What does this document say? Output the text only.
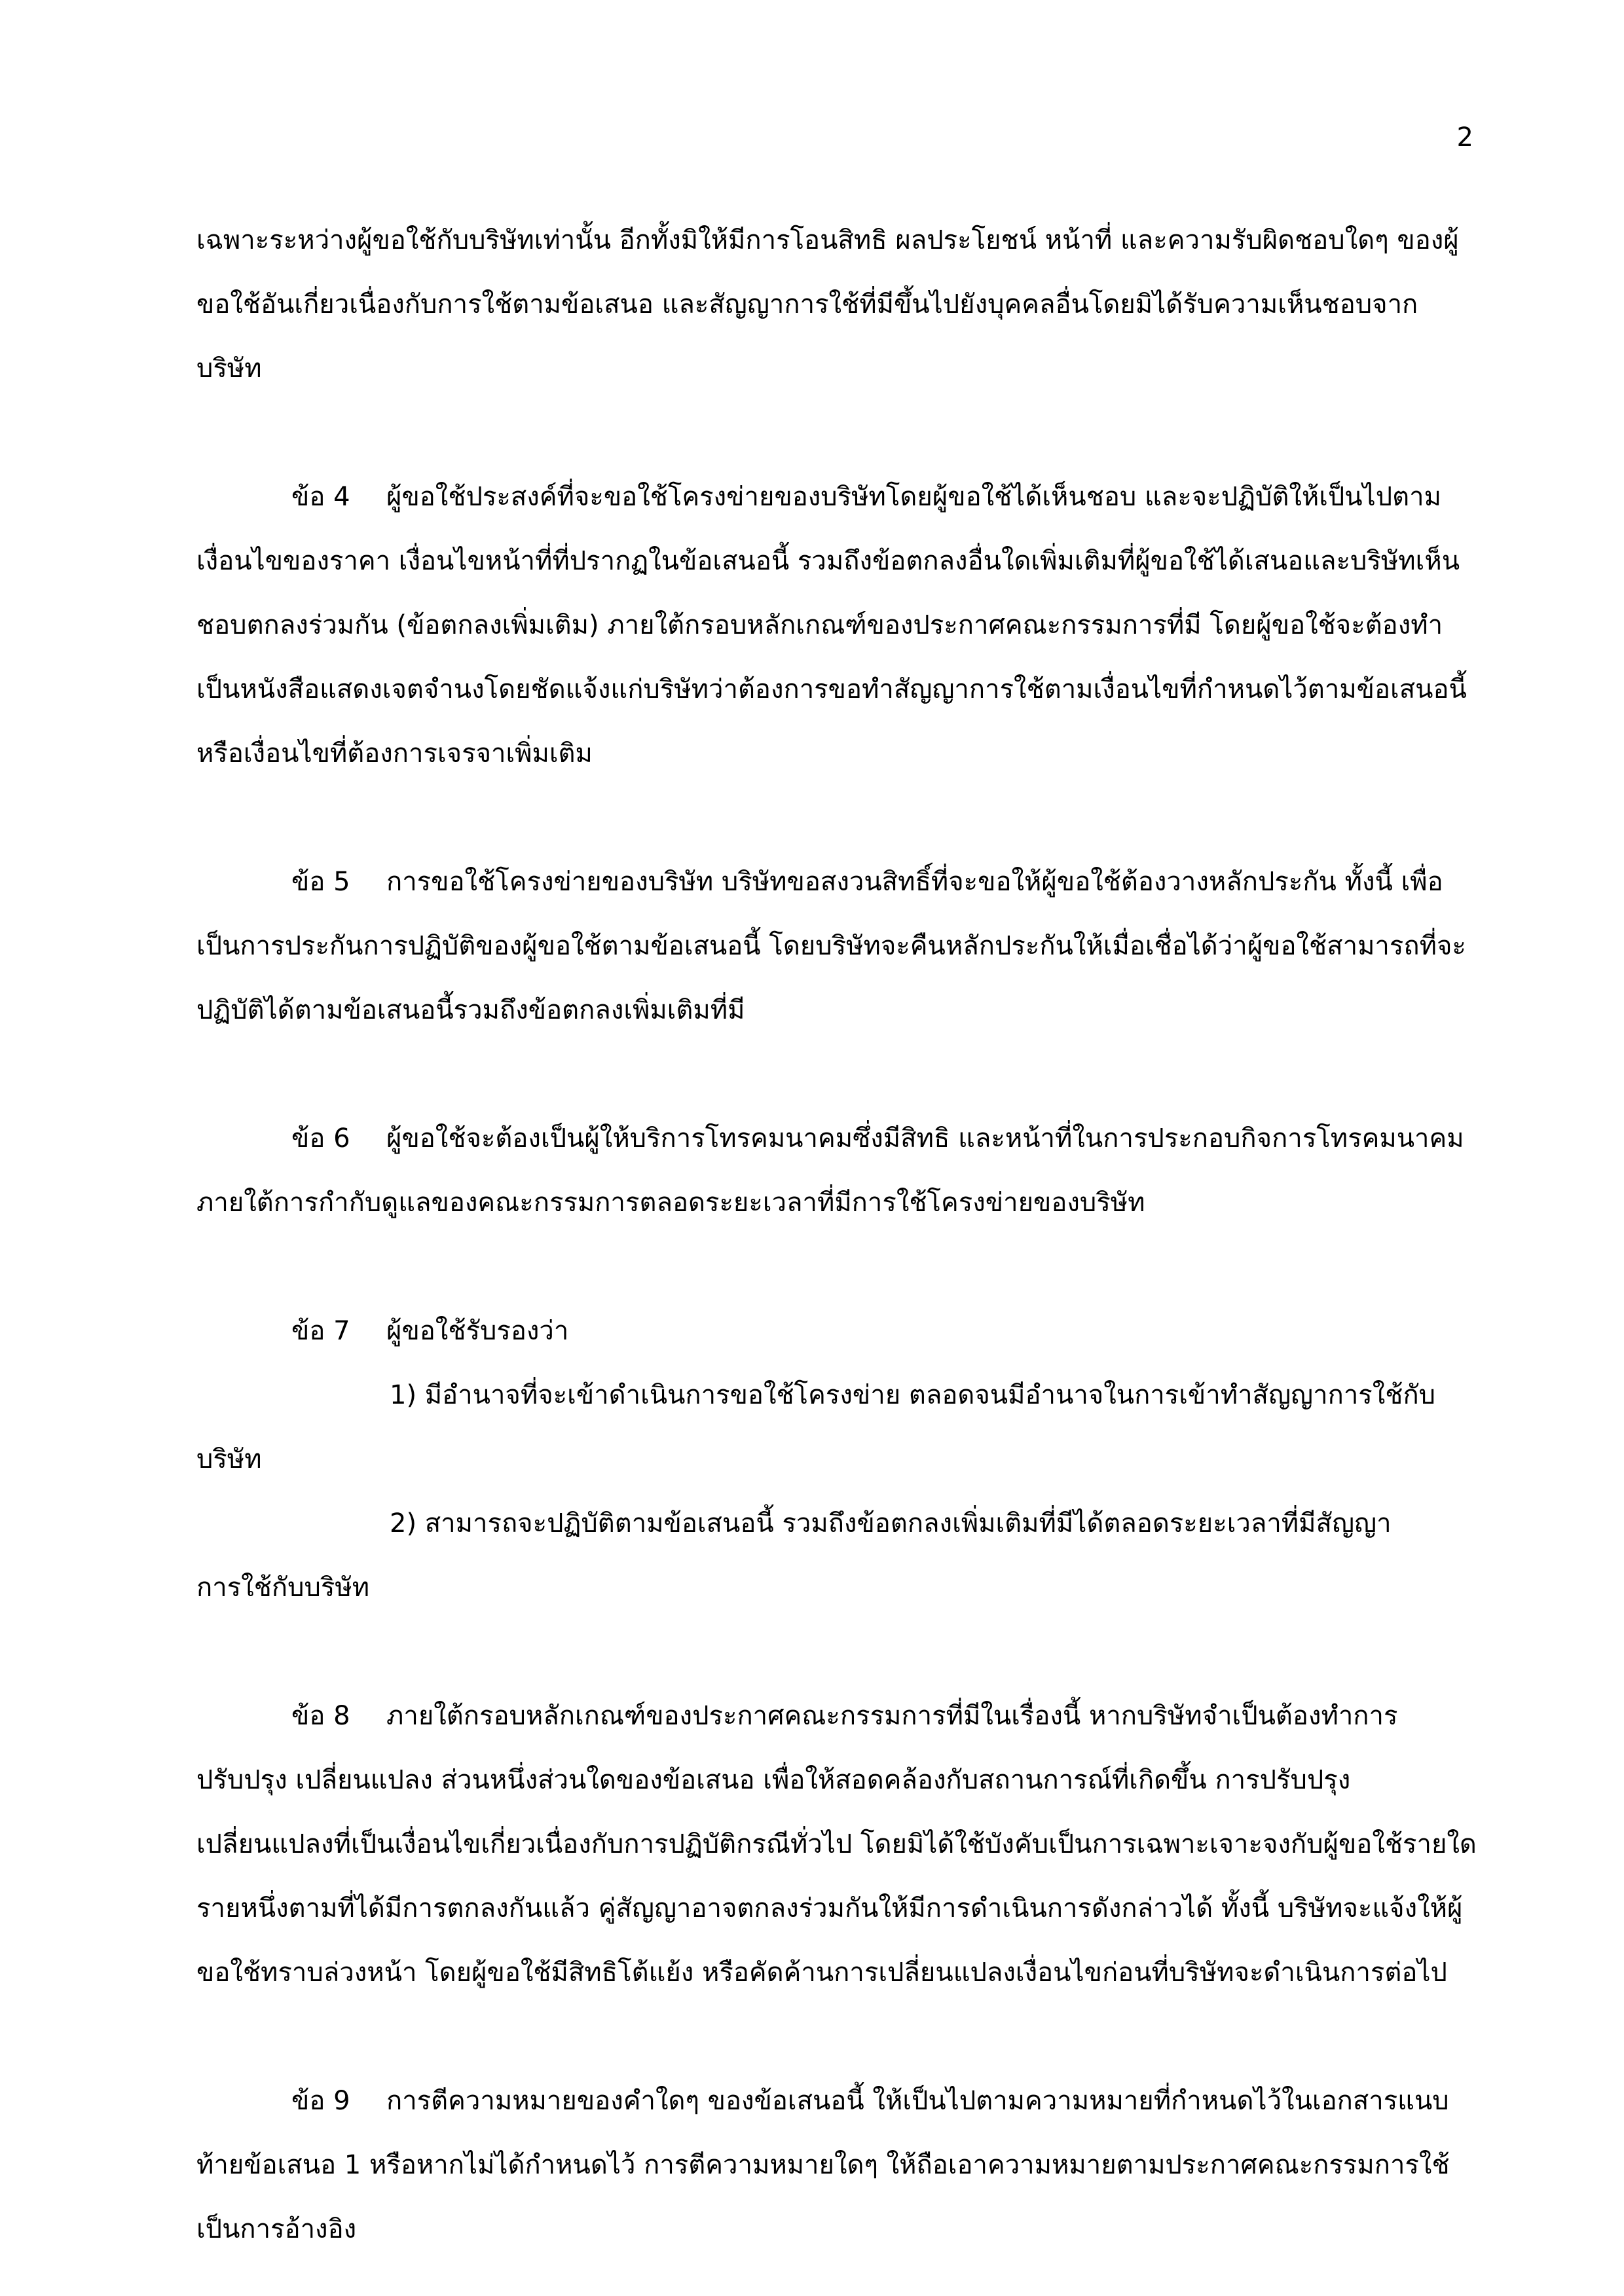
2

เฉพาะระหว่างผู้ขอใช้กับบริษัทเท่านั้น อีกทั้งมิให้มีการโอนสิทธิ ผลประโยชน์ หน้าที่ และความรับผิดชอบใดๆ ของผู้ขอใช้อันเกี่ยวเนื่องกับการใช้ตามข้อเสนอ และสัญญาการใช้ที่มีขึ้นไปยังบุคคลอื่นโดยมิได้รับความเห็นชอบจากบริษัท

ข้อ 4 ผู้ขอใช้ประสงค์ที่จะขอใช้โครงข่ายของบริษัทโดยผู้ขอใช้ได้เห็นชอบ และจะปฏิบัติให้เป็นไปตามเงื่อนไขของราคา เงื่อนไขหน้าที่ที่ปรากฏในข้อเสนอนี้ รวมถึงข้อตกลงอื่นใดเพิ่มเติมที่ผู้ขอใช้ได้เสนอและบริษัทเห็นชอบตกลงร่วมกัน (ข้อตกลงเพิ่มเติม) ภายใต้กรอบหลักเกณฑ์ของประกาศคณะกรรมการที่มี โดยผู้ขอใช้จะต้องทำเป็นหนังสือแสดงเจตจำนงโดยชัดแจ้งแก่บริษัทว่าต้องการขอทำสัญญาการใช้ตามเงื่อนไขที่กำหนดไว้ตามข้อเสนอนี้ หรือเงื่อนไขที่ต้องการเจรจาเพิ่มเติม

ข้อ 5 การขอใช้โครงข่ายของบริษัท บริษัทขอสงวนสิทธิ์ที่จะขอให้ผู้ขอใช้ต้องวางหลักประกัน ทั้งนี้ เพื่อเป็นการประกันการปฏิบัติของผู้ขอใช้ตามข้อเสนอนี้ โดยบริษัทจะคืนหลักประกันให้เมื่อเชื่อได้ว่าผู้ขอใช้สามารถที่จะปฏิบัติได้ตามข้อเสนอนี้รวมถึงข้อตกลงเพิ่มเติมที่มี

ข้อ 6 ผู้ขอใช้จะต้องเป็นผู้ให้บริการโทรคมนาคมซึ่งมีสิทธิ และหน้าที่ในการประกอบกิจการโทรคมนาคม ภายใต้การกำกับดูแลของคณะกรรมการตลอดระยะเวลาที่มีการใช้โครงข่ายของบริษัท

ข้อ 7 ผู้ขอใช้รับรองว่า

1) มีอำนาจที่จะเข้าดำเนินการขอใช้โครงข่าย ตลอดจนมีอำนาจในการเข้าทำสัญญาการใช้กับ

บริษัท

2) สามารถจะปฏิบัติตามข้อเสนอนี้ รวมถึงข้อตกลงเพิ่มเติมที่มีได้ตลอดระยะเวลาที่มีสัญญา

การใช้กับบริษัท

ข้อ 8 ภายใต้กรอบหลักเกณฑ์ของประกาศคณะกรรมการที่มีในเรื่องนี้ หากบริษัทจำเป็นต้องทำการปรับปรุง เปลี่ยนแปลง ส่วนหนึ่งส่วนใดของข้อเสนอ เพื่อให้สอดคล้องกับสถานการณ์ที่เกิดขึ้น การปรับปรุงเปลี่ยนแปลงที่เป็นเงื่อนไขเกี่ยวเนื่องกับการปฏิบัติกรณีทั่วไป โดยมิได้ใช้บังคับเป็นการเฉพาะเจาะจงกับผู้ขอใช้รายใดรายหนึ่งตามที่ได้มีการตกลงกันแล้ว คู่สัญญาอาจตกลงร่วมกันให้มีการดำเนินการดังกล่าวได้ ทั้งนี้ บริษัทจะแจ้งให้ผู้ขอใช้ทราบล่วงหน้า โดยผู้ขอใช้มีสิทธิโต้แย้ง หรือคัดค้านการเปลี่ยนแปลงเงื่อนไขก่อนที่บริษัทจะดำเนินการต่อไป

ข้อ 9 การตีความหมายของคำใดๆ ของข้อเสนอนี้ ให้เป็นไปตามความหมายที่กำหนดไว้ในเอกสารแนบท้ายข้อเสนอ 1 หรือหากไม่ได้กำหนดไว้ การตีความหมายใดๆ ให้ถือเอาความหมายตามประกาศคณะกรรมการใช้เป็นการอ้างอิง
